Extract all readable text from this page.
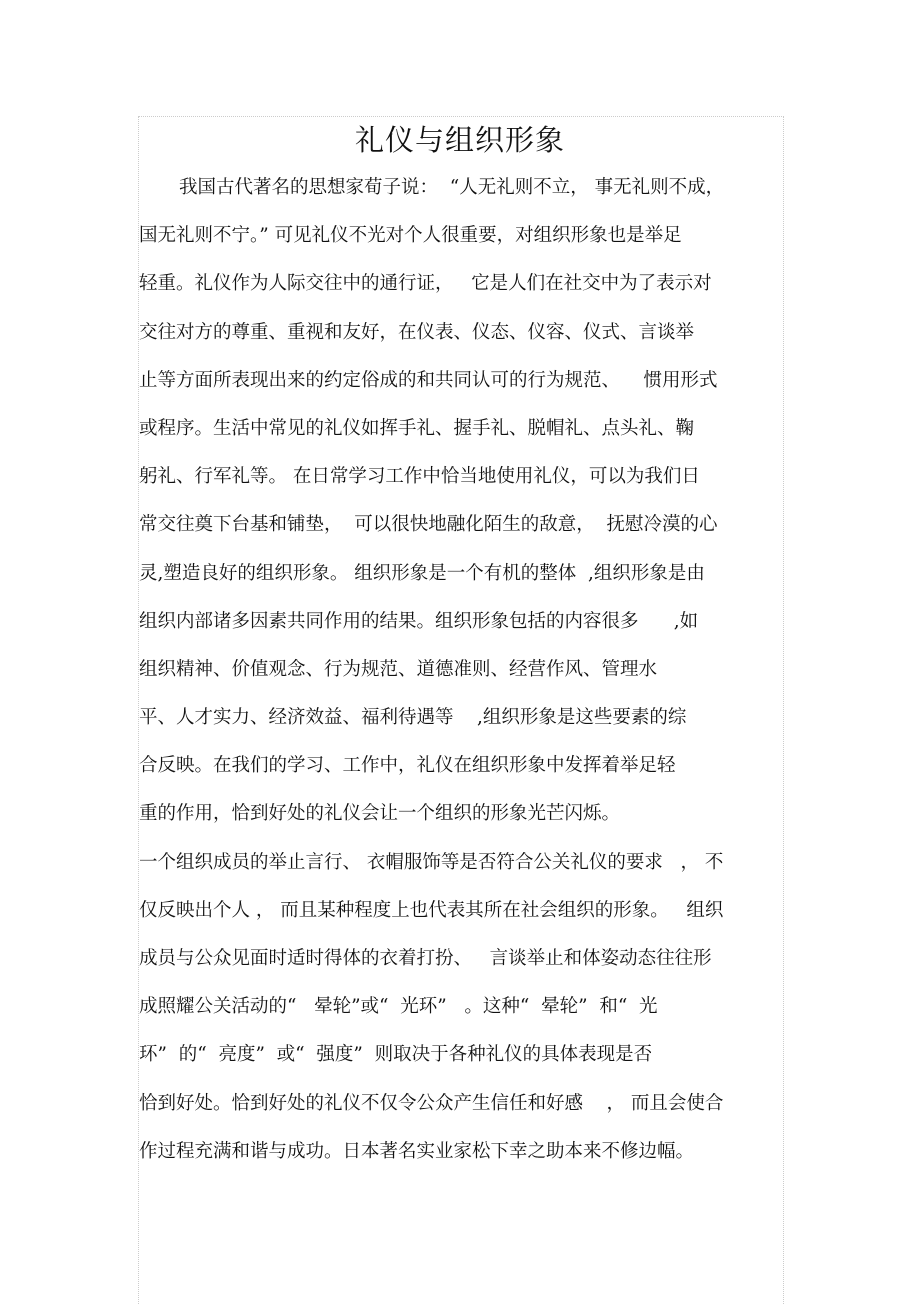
礼仪与组织形象
我国古代著名的思想家荀子说：  “人无礼则不立， 事无礼则不成，
国无礼则不宁。” 可见礼仪不光对个人很重要，对组织形象也是举足
轻重。礼仪作为人际交往中的通行证，   它是人们在社交中为了表示对
交往对方的尊重、重视和友好，在仪表、仪态、仪容、仪式、言谈举
止等方面所表现出来的约定俗成的和共同认可的行为规范、    惯用形式
或程序。生活中常见的礼仪如挥手礼、握手礼、脱帽礼、点头礼、鞠
躬礼、行军礼等。 在日常学习工作中恰当地使用礼仪，可以为我们日
常交往奠下台基和铺垫，  可以很快地融化陌生的敌意，  抚慰冷漠的心
灵,塑造良好的组织形象。 组织形象是一个有机的整体  ,组织形象是由
组织内部诸多因素共同作用的结果。组织形象包括的内容很多      ,如
组织精神、价值观念、行为规范、道德准则、经营作风、管理水
平、人才实力、经济效益、福利待遇等    ,组织形象是这些要素的综
合反映。在我们的学习、工作中，礼仪在组织形象中发挥着举足轻
重的作用，恰到好处的礼仪会让一个组织的形象光芒闪烁。
一个组织成员的举止言行、 衣帽服饰等是否符合公关礼仪的要求   ， 不
仅反映出个人 ， 而且某种程度上也代表其所在社会组织的形象。   组织
成员与公众见面时适时得体的衣着打扮、   言谈举止和体姿动态往往形
成照耀公关活动的“   晕轮”或“  光环”   。这种“  晕轮”  和“  光
环”  的“  亮度”  或“  强度”  则取决于各种礼仪的具体表现是否
恰到好处。恰到好处的礼仪不仅令公众产生信任和好感    ， 而且会使合
作过程充满和谐与成功。日本著名实业家松下幸之助本来不修边幅。
